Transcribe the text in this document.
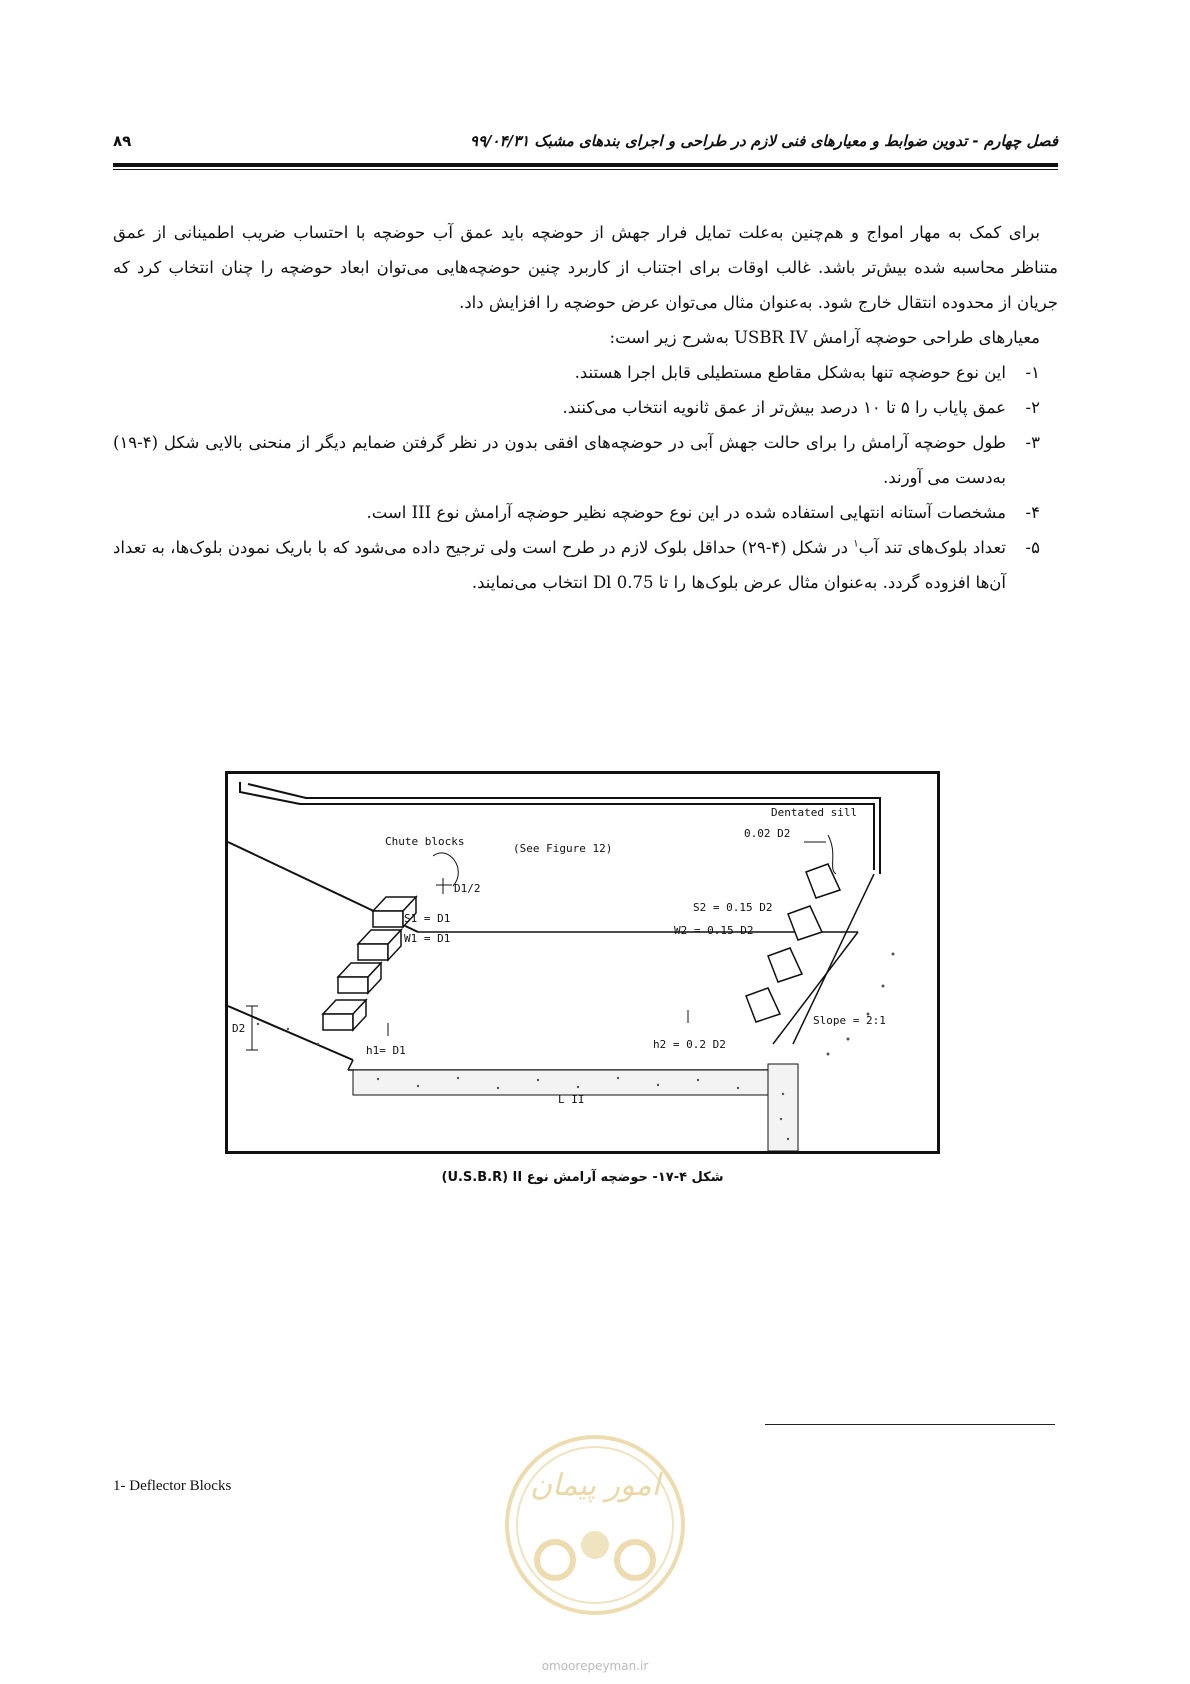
فصل چهارم - تدوین ضوابط و معیارهای فنی لازم در طراحی و اجرای بندهای مشبک ۹۹/۰۴/۳۱
۸۹

برای کمک به مهار امواج و هم‌چنین به‌علت تمایل فرار جهش از حوضچه باید عمق آب حوضچه با احتساب ضریب اطمینانی از عمق متناظر محاسبه شده بیش‌تر باشد. غالب اوقات برای اجتناب از کاربرد چنین حوضچه‌هایی می‌توان ابعاد حوضچه را چنان انتخاب کرد که جریان از محدوده انتقال خارج شود. به‌عنوان مثال می‌توان عرض حوضچه را افزایش داد.

معیارهای طراحی حوضچه آرامش USBR IV به‌شرح زیر است:

۱-
این نوع حوضچه تنها به‌شکل مقاطع مستطیلی قابل اجرا هستند.

۲-
عمق پایاب را ۵ تا ۱۰ درصد بیش‌تر از عمق ثانویه انتخاب می‌کنند.

۳-
طول حوضچه آرامش را برای حالت جهش آبی در حوضچه‌های افقی بدون در نظر گرفتن ضمایم دیگر از منحنی بالایی شکل (۴-۱۹) به‌دست می آورند.

۴-
مشخصات آستانه انتهایی استفاده شده در این نوع حوضچه نظیر حوضچه آرامش نوع III است.

۵-
تعداد بلوک‌های تند آب$^۱$ در شکل (۴-۲۹) حداقل بلوک لازم در طرح است ولی ترجیح داده می‌شود که با باریک نمودن بلوک‌ها، به تعداد آن‌ها افزوده گردد. به‌عنوان مثال عرض بلوک‌ها را تا 0.75 Dl انتخاب می‌نمایند.

(See Figure 12)
Chute blocks
Dentated sill
0.02 D2
D1/2
S1 = D1
W1 = D1
h1= D1
S2 = 0.15 D2
W2 = 0.15 D2
h2 = 0.2 D2
Slope = 2:1
L II
D2
شکل ۴-۱۷- حوضچه آرامش نوع U.S.B.R) II)
1- Deflector Blocks	امور پیمان
omoorepeyman.ir
